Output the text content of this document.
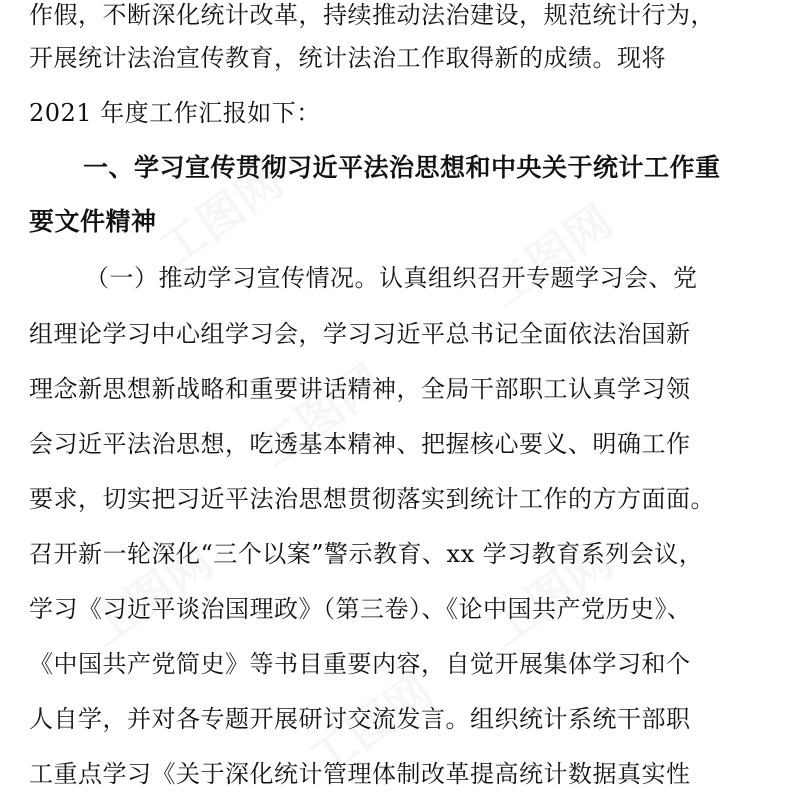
工图网	工图网
工图网
工图网	工图网
工图网
作假，不断深化统计改革，持续推动法治建设，规范统计行为，
开展统计法治宣传教育，统计法治工作取得新的成绩。现将
2021 年度工作汇报如下：
一、学习宣传贯彻习近平法治思想和中央关于统计工作重
要文件精神
（一）推动学习宣传情况。认真组织召开专题学习会、党
组理论学习中心组学习会，学习习近平总书记全面依法治国新
理念新思想新战略和重要讲话精神，全局干部职工认真学习领
会习近平法治思想，吃透基本精神、把握核心要义、明确工作
要求，切实把习近平法治思想贯彻落实到统计工作的方方面面。
召开新一轮深化“三个以案”警示教育、xx 学习教育系列会议，
学习《习近平谈治国理政》（第三卷）、《论中国共产党历史》、
《中国共产党简史》等书目重要内容，自觉开展集体学习和个
人自学，并对各专题开展研讨交流发言。组织统计系统干部职
工重点学习《关于深化统计管理体制改革提高统计数据真实性
